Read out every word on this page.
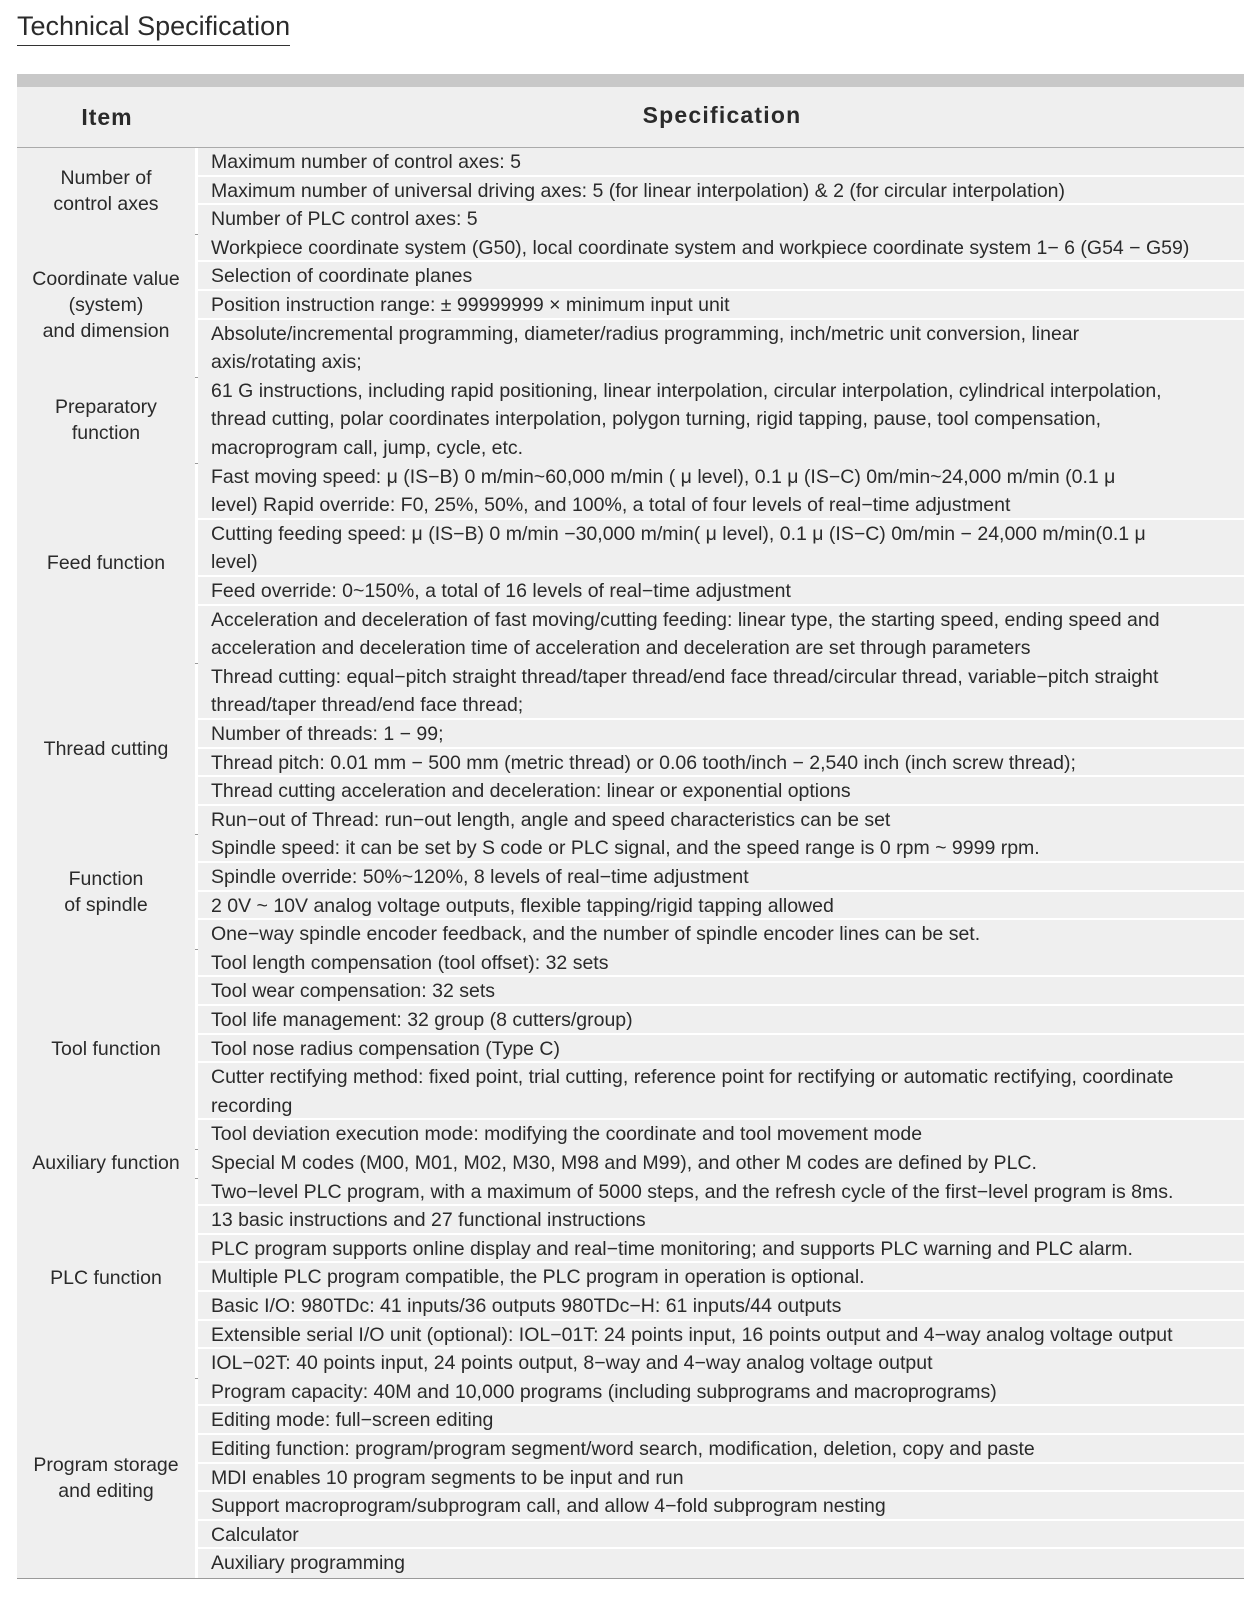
Technical Specification
Item	Specification
Number of
control axes
Maximum number of control axes: 5
Maximum number of universal driving axes: 5 (for linear interpolation) & 2 (for circular interpolation)
Number of PLC control axes: 5
Coordinate value
(system)
and dimension
Workpiece coordinate system (G50), local coordinate system and workpiece coordinate system 1− 6 (G54 − G59)
Selection of coordinate planes
Position instruction range: ± 99999999 × minimum input unit
Absolute/incremental programming, diameter/radius programming, inch/metric unit conversion, linear
axis/rotating axis;
Preparatory
function
61 G instructions, including rapid positioning, linear interpolation, circular interpolation, cylindrical interpolation,
thread cutting, polar coordinates interpolation, polygon turning, rigid tapping, pause, tool compensation,
macroprogram call, jump, cycle, etc.
Feed function
Fast moving speed: μ (IS−B) 0 m/min~60,000 m/min ( μ level), 0.1 μ (IS−C) 0m/min~24,000 m/min (0.1 μ
level) Rapid override: F0, 25%, 50%, and 100%, a total of four levels of real−time adjustment
Cutting feeding speed: μ (IS−B) 0 m/min −30,000 m/min( μ level), 0.1 μ (IS−C) 0m/min − 24,000 m/min(0.1 μ
level)
Feed override: 0~150%, a total of 16 levels of real−time adjustment
Acceleration and deceleration of fast moving/cutting feeding: linear type, the starting speed, ending speed and
acceleration and deceleration time of acceleration and deceleration are set through parameters
Thread cutting
Thread cutting: equal−pitch straight thread/taper thread/end face thread/circular thread, variable−pitch straight
thread/taper thread/end face thread;
Number of threads: 1 − 99;
Thread pitch: 0.01 mm − 500 mm (metric thread) or 0.06 tooth/inch − 2,540 inch (inch screw thread);
Thread cutting acceleration and deceleration: linear or exponential options
Run−out of Thread: run−out length, angle and speed characteristics can be set
Function
of spindle
Spindle speed: it can be set by S code or PLC signal, and the speed range is 0 rpm ~ 9999 rpm.
Spindle override: 50%~120%, 8 levels of real−time adjustment
2 0V ~ 10V analog voltage outputs, flexible tapping/rigid tapping allowed
One−way spindle encoder feedback, and the number of spindle encoder lines can be set.
Tool function
Tool length compensation (tool offset): 32 sets
Tool wear compensation: 32 sets
Tool life management: 32 group (8 cutters/group)
Tool nose radius compensation (Type C)
Cutter rectifying method: fixed point, trial cutting, reference point for rectifying or automatic rectifying, coordinate
recording
Tool deviation execution mode: modifying the coordinate and tool movement mode
Auxiliary function	Special M codes (M00, M01, M02, M30, M98 and M99), and other M codes are defined by PLC.
PLC function
Two−level PLC program, with a maximum of 5000 steps, and the refresh cycle of the first−level program is 8ms.
13 basic instructions and 27 functional instructions
PLC program supports online display and real−time monitoring; and supports PLC warning and PLC alarm.
Multiple PLC program compatible, the PLC program in operation is optional.
Basic I/O: 980TDc: 41 inputs/36 outputs 980TDc−H: 61 inputs/44 outputs
Extensible serial I/O unit (optional): IOL−01T: 24 points input, 16 points output and 4−way analog voltage output
IOL−02T: 40 points input, 24 points output, 8−way and 4−way analog voltage output
Program storage
and editing
Program capacity: 40M and 10,000 programs (including subprograms and macroprograms)
Editing mode: full−screen editing
Editing function: program/program segment/word search, modification, deletion, copy and paste
MDI enables 10 program segments to be input and run
Support macroprogram/subprogram call, and allow 4−fold subprogram nesting
Calculator
Auxiliary programming
